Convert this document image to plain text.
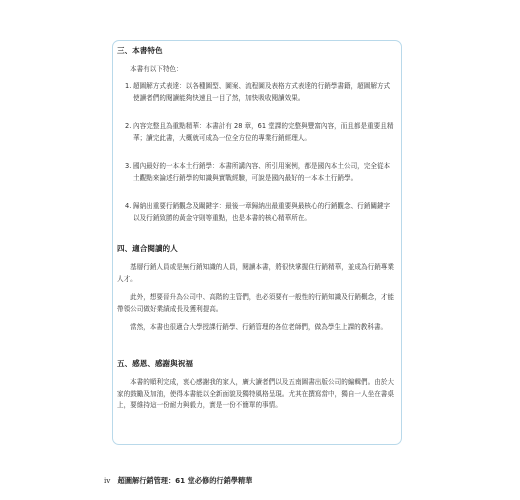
三、本書特色
本書有以下特色：
1. 超圖解方式表達：以各種圖型、圖案、流程圖及表格方式表達的行銷學書籍，超圖解方式使讀者們的閱讀能夠快速且一目了然，加快吸收閱讀效果。
2. 內容完整且為重點精華：本書計有 28 章，61 堂課的完整與豐富內容，而且都是重要且精華；讀完此書，大概就可成為一位全方位的專業行銷經理人。
3. 國內最好的一本本土行銷學：本書所講內容、所引用案例，都是國內本土公司，完全從本土觀點來論述行銷學的知識與實戰經驗，可說是國內最好的一本本土行銷學。
4. 歸納出重要行銷觀念及關鍵字：最後一章歸納出最重要與最核心的行銷觀念、行銷關鍵字以及行銷致勝的黃金守則等重點，也是本書的核心精華所在。
四、適合閱讀的人
基層行銷人員或是無行銷知識的人員，閱讀本書，將很快掌握住行銷精華，並成為行銷專業人才。
此外，想要晉升為公司中、高階的主管們，也必須要有一般性的行銷知識及行銷概念，才能帶領公司做好業績成長及獲利提高。
當然，本書也很適合大學授課行銷學、行銷管理的各位老師們，做為學生上課的教科書。
五、感恩、感謝與祝福
本書的順利完成，衷心感謝我的家人，廣大讀者們以及五南圖書出版公司的編輯們。由於大家的鼓勵及加油，使得本書能以全新面貌及獨特風格呈現。尤其在撰寫當中，獨自一人坐在書桌上，要維持這一份耐力與毅力，實是一份不簡單的事情。
iv 超圖解行銷管理：61 堂必修的行銷學精華
